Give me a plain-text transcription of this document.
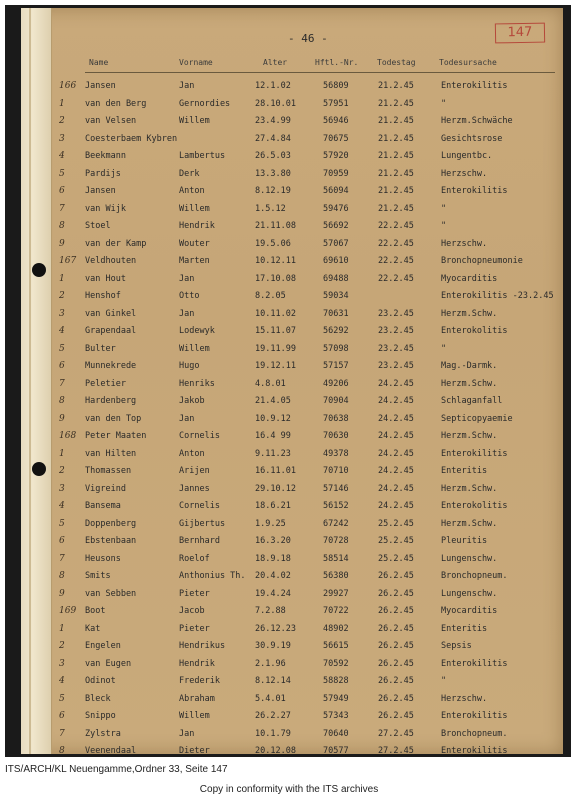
- 46 -	147
Name	Vorname	Alter	Hftl.-Nr. Todestag	Todesursache
166 Jansen	Jan	12.1.02	56809	21.2.45	Enterokilitis
1 van den Berg	Gernordies	28.10.01	57951	21.2.45	"
2 van Velsen	Willem	23.4.99	56946	21.2.45	Herzm.Schwäche
3 Coesterbaem Kybren	27.4.84	70675	21.2.45	Gesichtsrose
4 Beekmann	Lambertus	26.5.03	57920	21.2.45	Lungentbc.
5 Pardijs	Derk	13.3.80	70959	21.2.45	Herzschw.
6 Jansen	Anton	8.12.19	56094	21.2.45	Enterokilitis
7 van Wijk	Willem	1.5.12	59476	21.2.45	"
8 Stoel	Hendrik	21.11.08	56692	22.2.45	"
9 van der Kamp	Wouter	19.5.06	57067	22.2.45	Herzschw.
167 Veldhouten	Marten	10.12.11	69610	22.2.45	Bronchopneumonie
1 van Hout	Jan	17.10.08	69488	22.2.45	Myocarditis
2 Henshof	Otto	8.2.05	59034	Enterokilitis -23.2.45
3 van Ginkel	Jan	10.11.02	70631	23.2.45	Herzm.Schw.
4 Grapendaal	Lodewyk	15.11.07	56292	23.2.45	Enterokolitis
5 Bulter	Willem	19.11.99	57098	23.2.45	"
6 Munnekrede	Hugo	19.12.11	57157	23.2.45	Mag.-Darmk.
7 Peletier	Henriks	4.8.01	49206	24.2.45	Herzm.Schw.
8 Hardenberg	Jakob	21.4.05	70904	24.2.45	Schlaganfall
9 van den Top	Jan	10.9.12	70638	24.2.45	Septicopyaemie
168 Peter Maaten	Cornelis	16.4 99	70630	24.2.45	Herzm.Schw.
1 van Hilten	Anton	9.11.23	49378	24.2.45	Enterokilitis
2 Thomassen	Arijen	16.11.01	70710	24.2.45	Enteritis
3 Vigreind	Jannes	29.10.12	57146	24.2.45	Herzm.Schw.
4 Bansema	Cornelis	18.6.21	56152	24.2.45	Enterokolitis
5 Doppenberg	Gijbertus	1.9.25	67242	25.2.45	Herzm.Schw.
6 Ebstenbaan	Bernhard	16.3.20	70728	25.2.45	Pleuritis
7 Heusons	Roelof	18.9.18	58514	25.2.45	Lungenschw.
8 Smits	Anthonius Th. 20.4.02	56380	26.2.45	Bronchopneum.
9 van Sebben	Pieter	19.4.24	29927	26.2.45	Lungenschw.
169 Boot	Jacob	7.2.88	70722	26.2.45	Myocarditis
1 Kat	Pieter	26.12.23	48902	26.2.45	Enteritis
2 Engelen	Hendrikus	30.9.19	56615	26.2.45	Sepsis
3 van Eugen	Hendrik	2.1.96	70592	26.2.45	Enterokilitis
4 Odinot	Frederik	8.12.14	58828	26.2.45	"
5 Bleck	Abraham	5.4.01	57949	26.2.45	Herzschw.
6 Snippo	Willem	26.2.27	57343	26.2.45	Enterokilitis
7 Zylstra	Jan	10.1.79	70640	27.2.45	Bronchopneum.
8 Veenendaal	Dieter	20.12.08	70577	27.2.45	Enterokilitis
ITS/ARCH/KL Neuengamme,Ordner 33, Seite 147
Copy in conformity with the ITS archives
